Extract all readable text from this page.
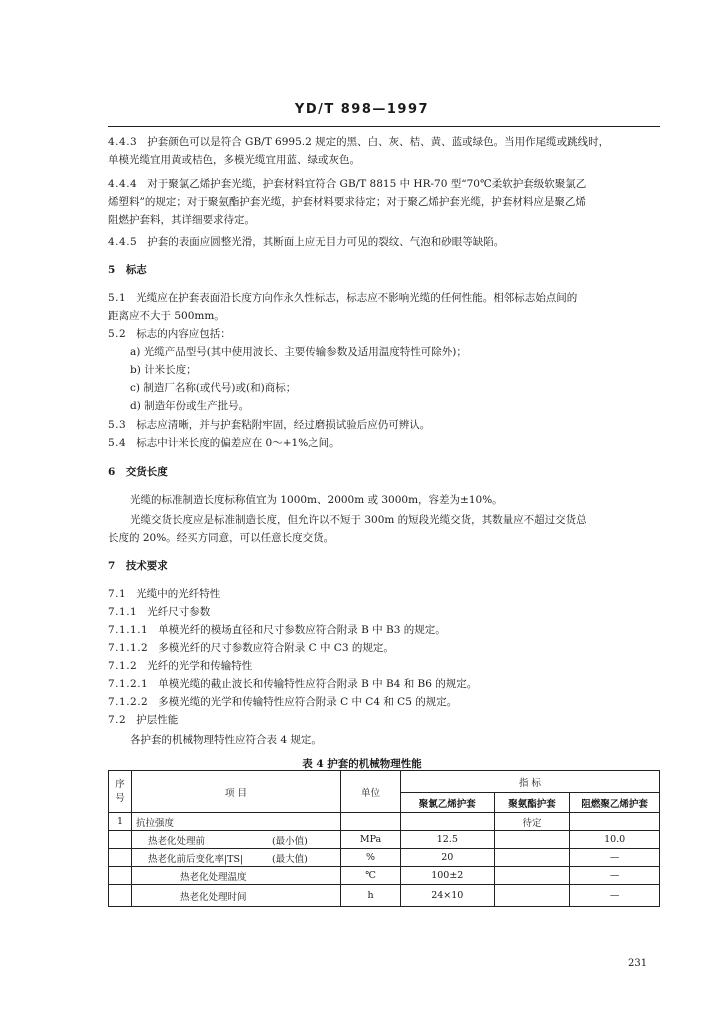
YD/T 898—1997
4.4.3 护套颜色可以是符合 GB/T 6995.2 规定的黑、白、灰、桔、黄、蓝或绿色。当用作尾缆或跳线时，
单模光缆宜用黄或桔色，多模光缆宜用蓝、绿或灰色。
4.4.4 对于聚氯乙烯护套光缆，护套材料宜符合 GB/T 8815 中 HR-70 型“70℃柔软护套级软聚氯乙
烯塑料”的规定；对于聚氨酯护套光缆，护套材料要求待定；对于聚乙烯护套光缆，护套材料应是聚乙烯
阻燃护套料，其详细要求待定。
4.4.5 护套的表面应圆整光滑，其断面上应无目力可见的裂纹、气泡和砂眼等缺陷。
5 标志
5.1 光缆应在护套表面沿长度方向作永久性标志，标志应不影响光缆的任何性能。相邻标志始点间的
距离应不大于 500mm。
5.2 标志的内容应包括：
a) 光缆产品型号(其中使用波长、主要传输参数及适用温度特性可除外)；
b) 计米长度；
c) 制造厂名称(或代号)或(和)商标；
d) 制造年份或生产批号。
5.3 标志应清晰，并与护套粘附牢固，经过磨损试验后应仍可辨认。
5.4 标志中计米长度的偏差应在 0～+1%之间。
6 交货长度
光缆的标准制造长度标称值宜为 1000m、2000m 或 3000m，容差为±10%。
光缆交货长度应是标准制造长度，但允许以不短于 300m 的短段光缆交货，其数量应不超过交货总
长度的 20%。经买方同意，可以任意长度交货。
7 技术要求
7.1 光缆中的光纤特性
7.1.1 光纤尺寸参数
7.1.1.1 单模光纤的模场直径和尺寸参数应符合附录 B 中 B3 的规定。
7.1.1.2 多模光纤的尺寸参数应符合附录 C 中 C3 的规定。
7.1.2 光纤的光学和传输特性
7.1.2.1 单模光缆的截止波长和传输特性应符合附录 B 中 B4 和 B6 的规定。
7.1.2.2 多模光缆的光学和传输特性应符合附录 C 中 C4 和 C5 的规定。
7.2 护层性能
各护套的机械物理特性应符合表 4 规定。
表 4 护套的机械物理性能
序号	项 目	单位	指 标		
			聚氯乙烯护套	聚氨酯护套	阻燃聚乙烯护套
1	抗拉强度			待定	
	热老化处理前 (最小值)	MPa	12.5		10.0
	热老化前后变化率|TS| (最大值)	%	20		—
	热老化处理温度	℃	100±2		—
	热老化处理时间	h	24×10		—
231
